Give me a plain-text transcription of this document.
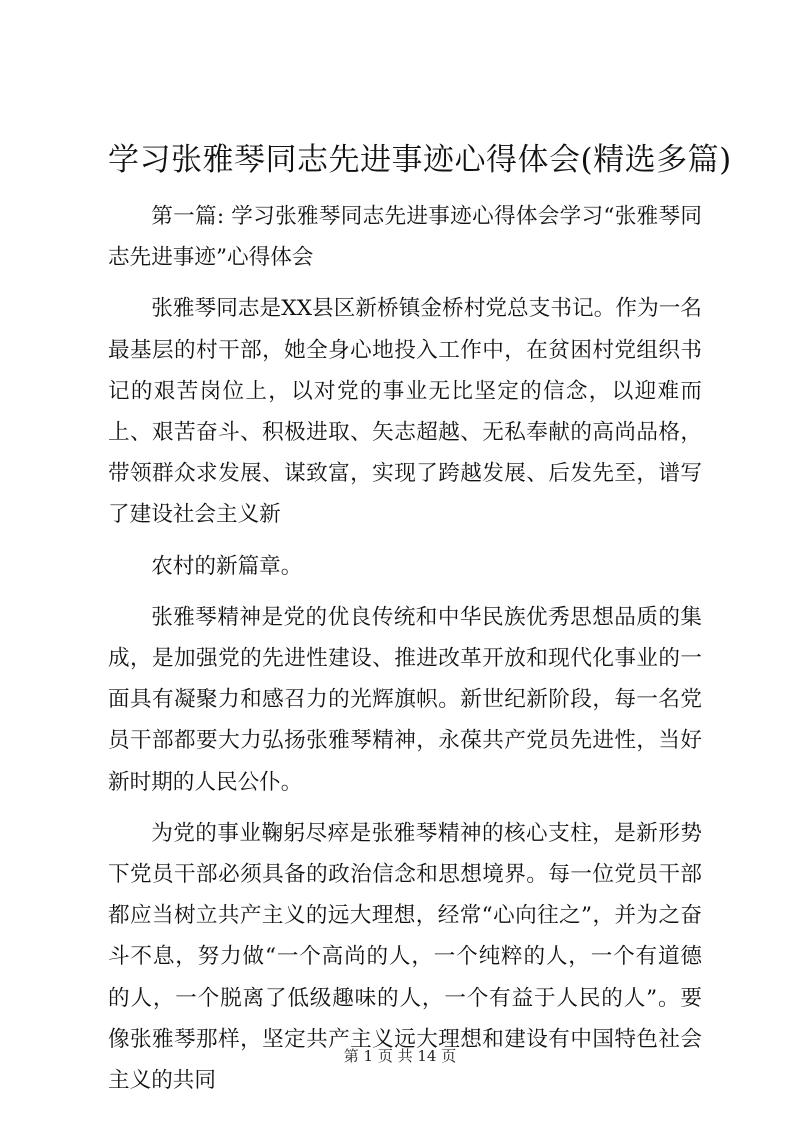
学习张雅琴同志先进事迹心得体会(精选多篇)

第一篇: 学习张雅琴同志先进事迹心得体会学习“张雅琴同志先进事迹”心得体会

张雅琴同志是XX县区新桥镇金桥村党总支书记。作为一名最基层的村干部，她全身心地投入工作中，在贫困村党组织书记的艰苦岗位上，以对党的事业无比坚定的信念，以迎难而上、艰苦奋斗、积极进取、矢志超越、无私奉献的高尚品格，带领群众求发展、谋致富，实现了跨越发展、后发先至，谱写了建设社会主义新

农村的新篇章。

张雅琴精神是党的优良传统和中华民族优秀思想品质的集成，是加强党的先进性建设、推进改革开放和现代化事业的一面具有凝聚力和感召力的光辉旗帜。新世纪新阶段，每一名党员干部都要大力弘扬张雅琴精神，永葆共产党员先进性，当好新时期的人民公仆。

为党的事业鞠躬尽瘁是张雅琴精神的核心支柱，是新形势下党员干部必须具备的政治信念和思想境界。每一位党员干部都应当树立共产主义的远大理想，经常“心向往之”，并为之奋斗不息，努力做“一个高尚的人，一个纯粹的人，一个有道德的人，一个脱离了低级趣味的人，一个有益于人民的人”。要像张雅琴那样，坚定共产主义远大理想和建设有中国特色社会主义的共同

第 1 页 共 14 页
